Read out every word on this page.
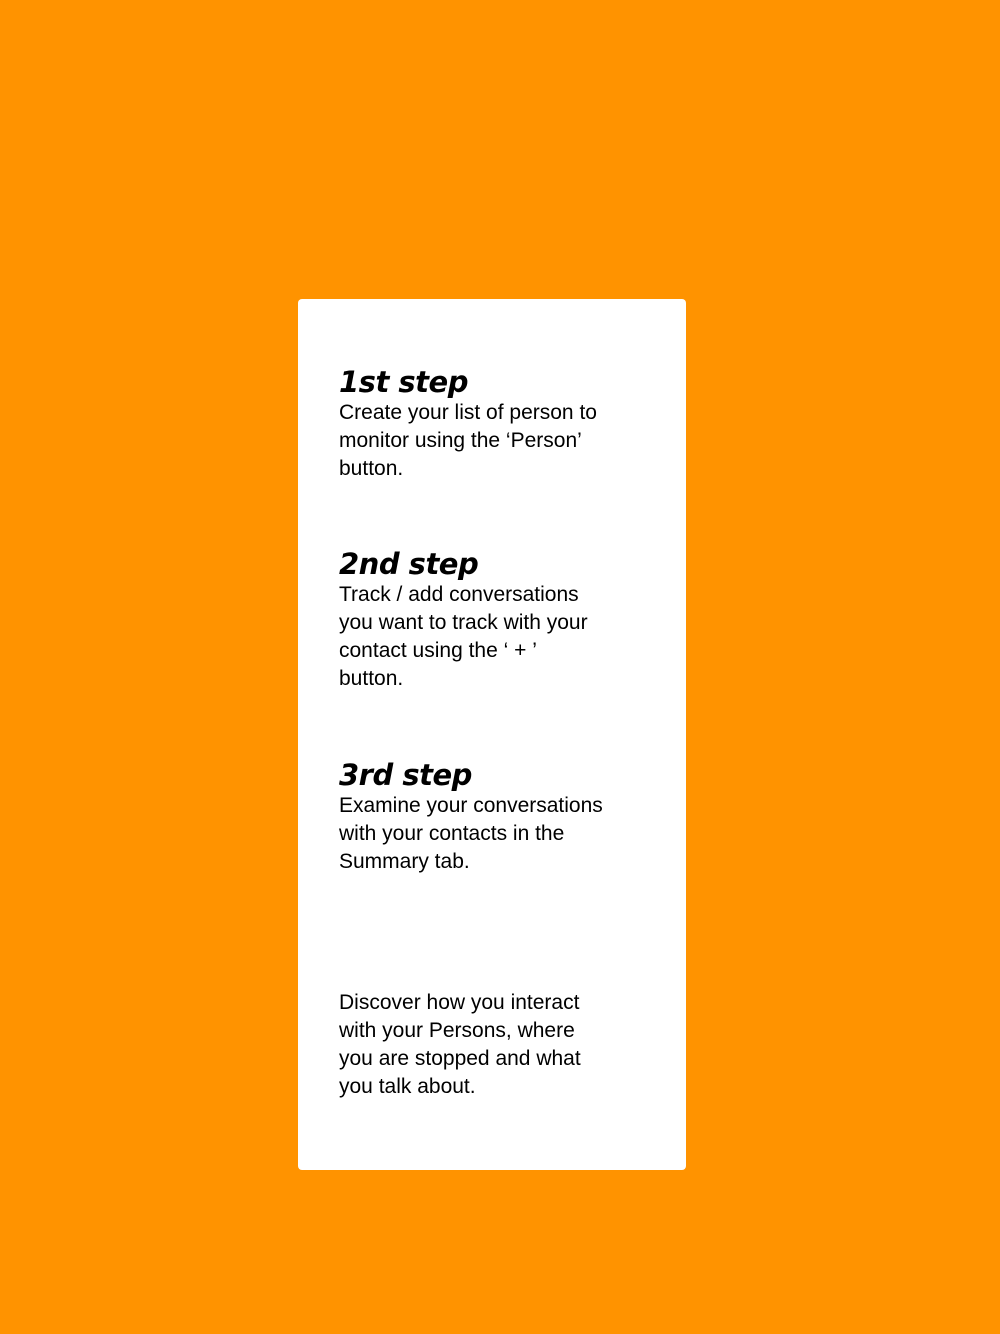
1st step

Create your list of person to
monitor using the ‘Person’
button.

2nd step

Track / add conversations
you want to track with your
contact using the ‘ + ’
button.

3rd step

Examine your conversations
with your contacts in the
Summary tab.

Discover how you interact
with your Persons, where
you are stopped and what
you talk about.
